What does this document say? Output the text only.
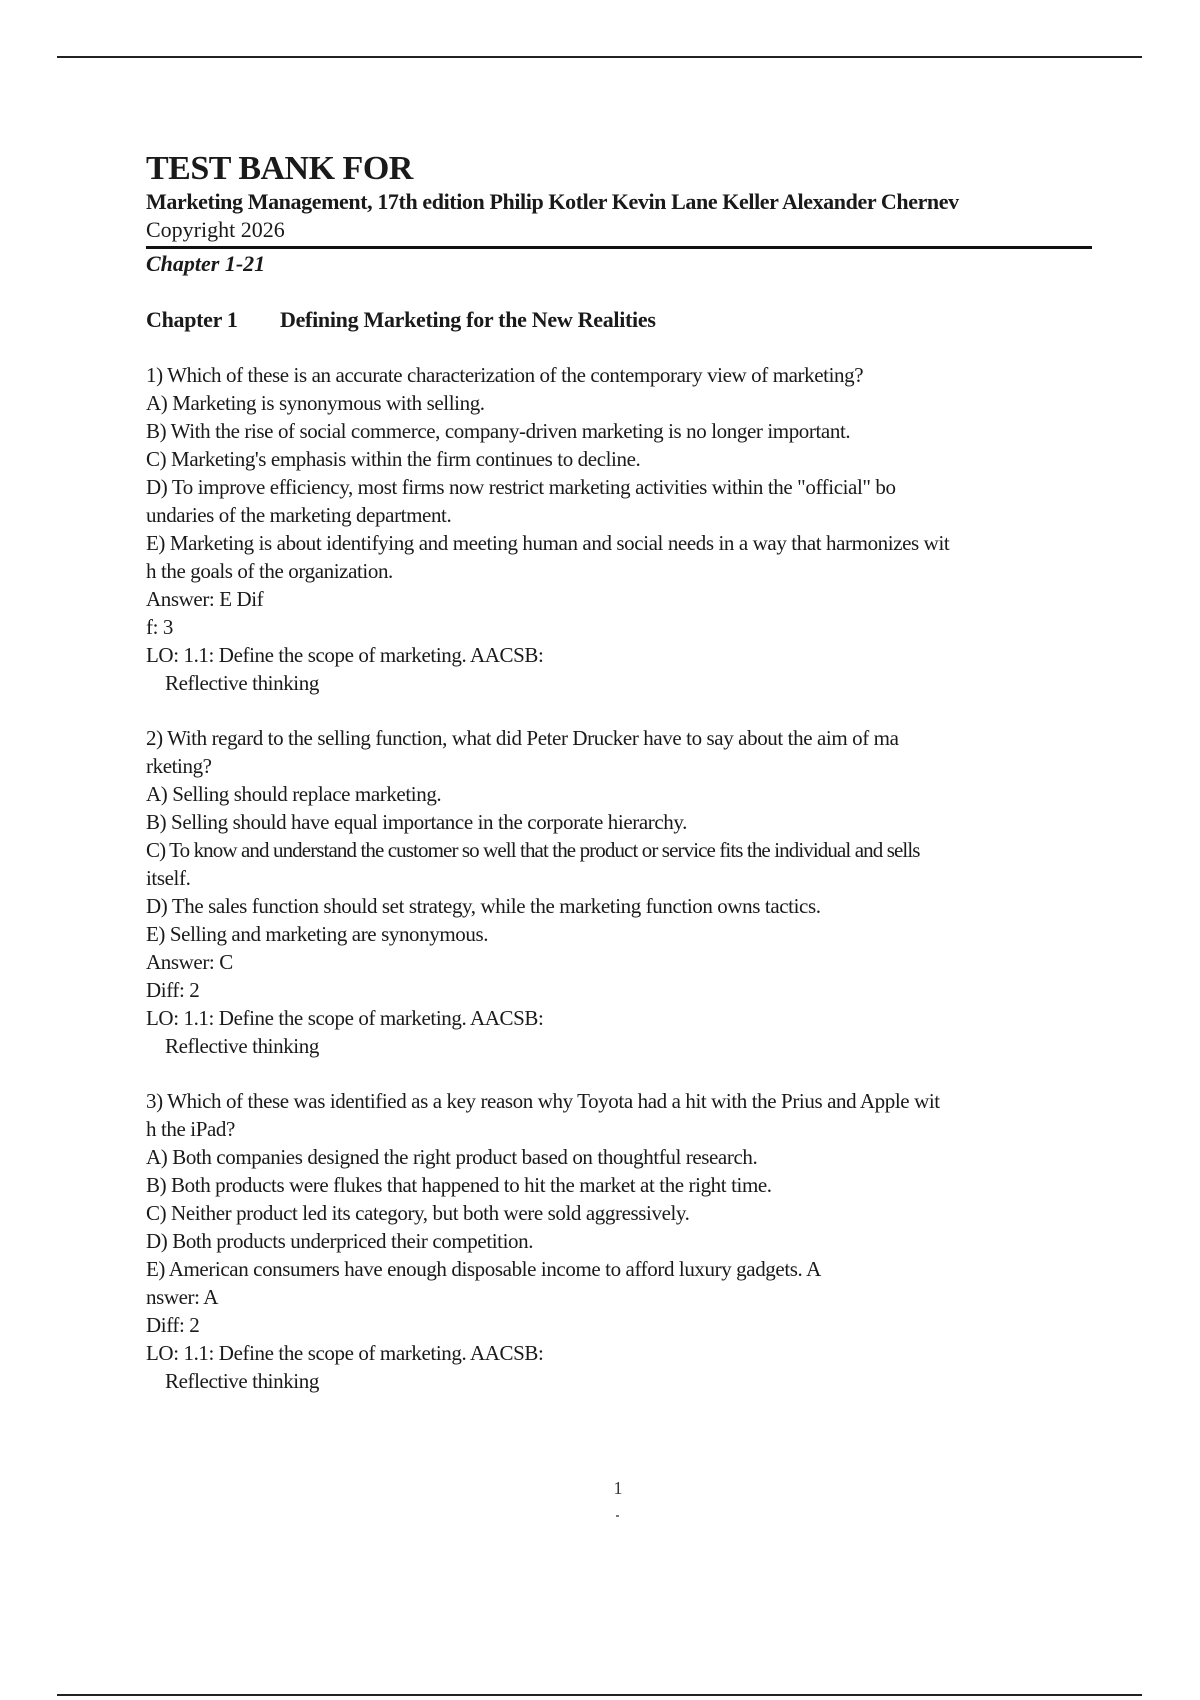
TEST BANK FOR

Marketing Management, 17th edition Philip Kotler Kevin Lane Keller Alexander Chernev

Copyright 2026

Chapter 1-21

Chapter 1 Defining Marketing for the New Realities

1) Which of these is an accurate characterization of the contemporary view of marketing?

A) Marketing is synonymous with selling.

B) With the rise of social commerce, company-driven marketing is no longer important.

C) Marketing's emphasis within the firm continues to decline.

D) To improve efficiency, most firms now restrict marketing activities within the "official" bo

undaries of the marketing department.

E) Marketing is about identifying and meeting human and social needs in a way that harmonizes wit

h the goals of the organization.

Answer: E Dif

f: 3

LO: 1.1: Define the scope of marketing. AACSB:

Reflective thinking

2) With regard to the selling function, what did Peter Drucker have to say about the aim of ma

rketing?

A) Selling should replace marketing.

B) Selling should have equal importance in the corporate hierarchy.

C) To know and understand the customer so well that the product or service fits the individual and sells

itself.

D) The sales function should set strategy, while the marketing function owns tactics.

E) Selling and marketing are synonymous.

Answer: C

Diff: 2

LO: 1.1: Define the scope of marketing. AACSB:

Reflective thinking

3) Which of these was identified as a key reason why Toyota had a hit with the Prius and Apple wit

h the iPad?

A) Both companies designed the right product based on thoughtful research.

B) Both products were flukes that happened to hit the market at the right time.

C) Neither product led its category, but both were sold aggressively.

D) Both products underpriced their competition.

E) American consumers have enough disposable income to afford luxury gadgets. A

nswer: A

Diff: 2

LO: 1.1: Define the scope of marketing. AACSB:

Reflective thinking

1
